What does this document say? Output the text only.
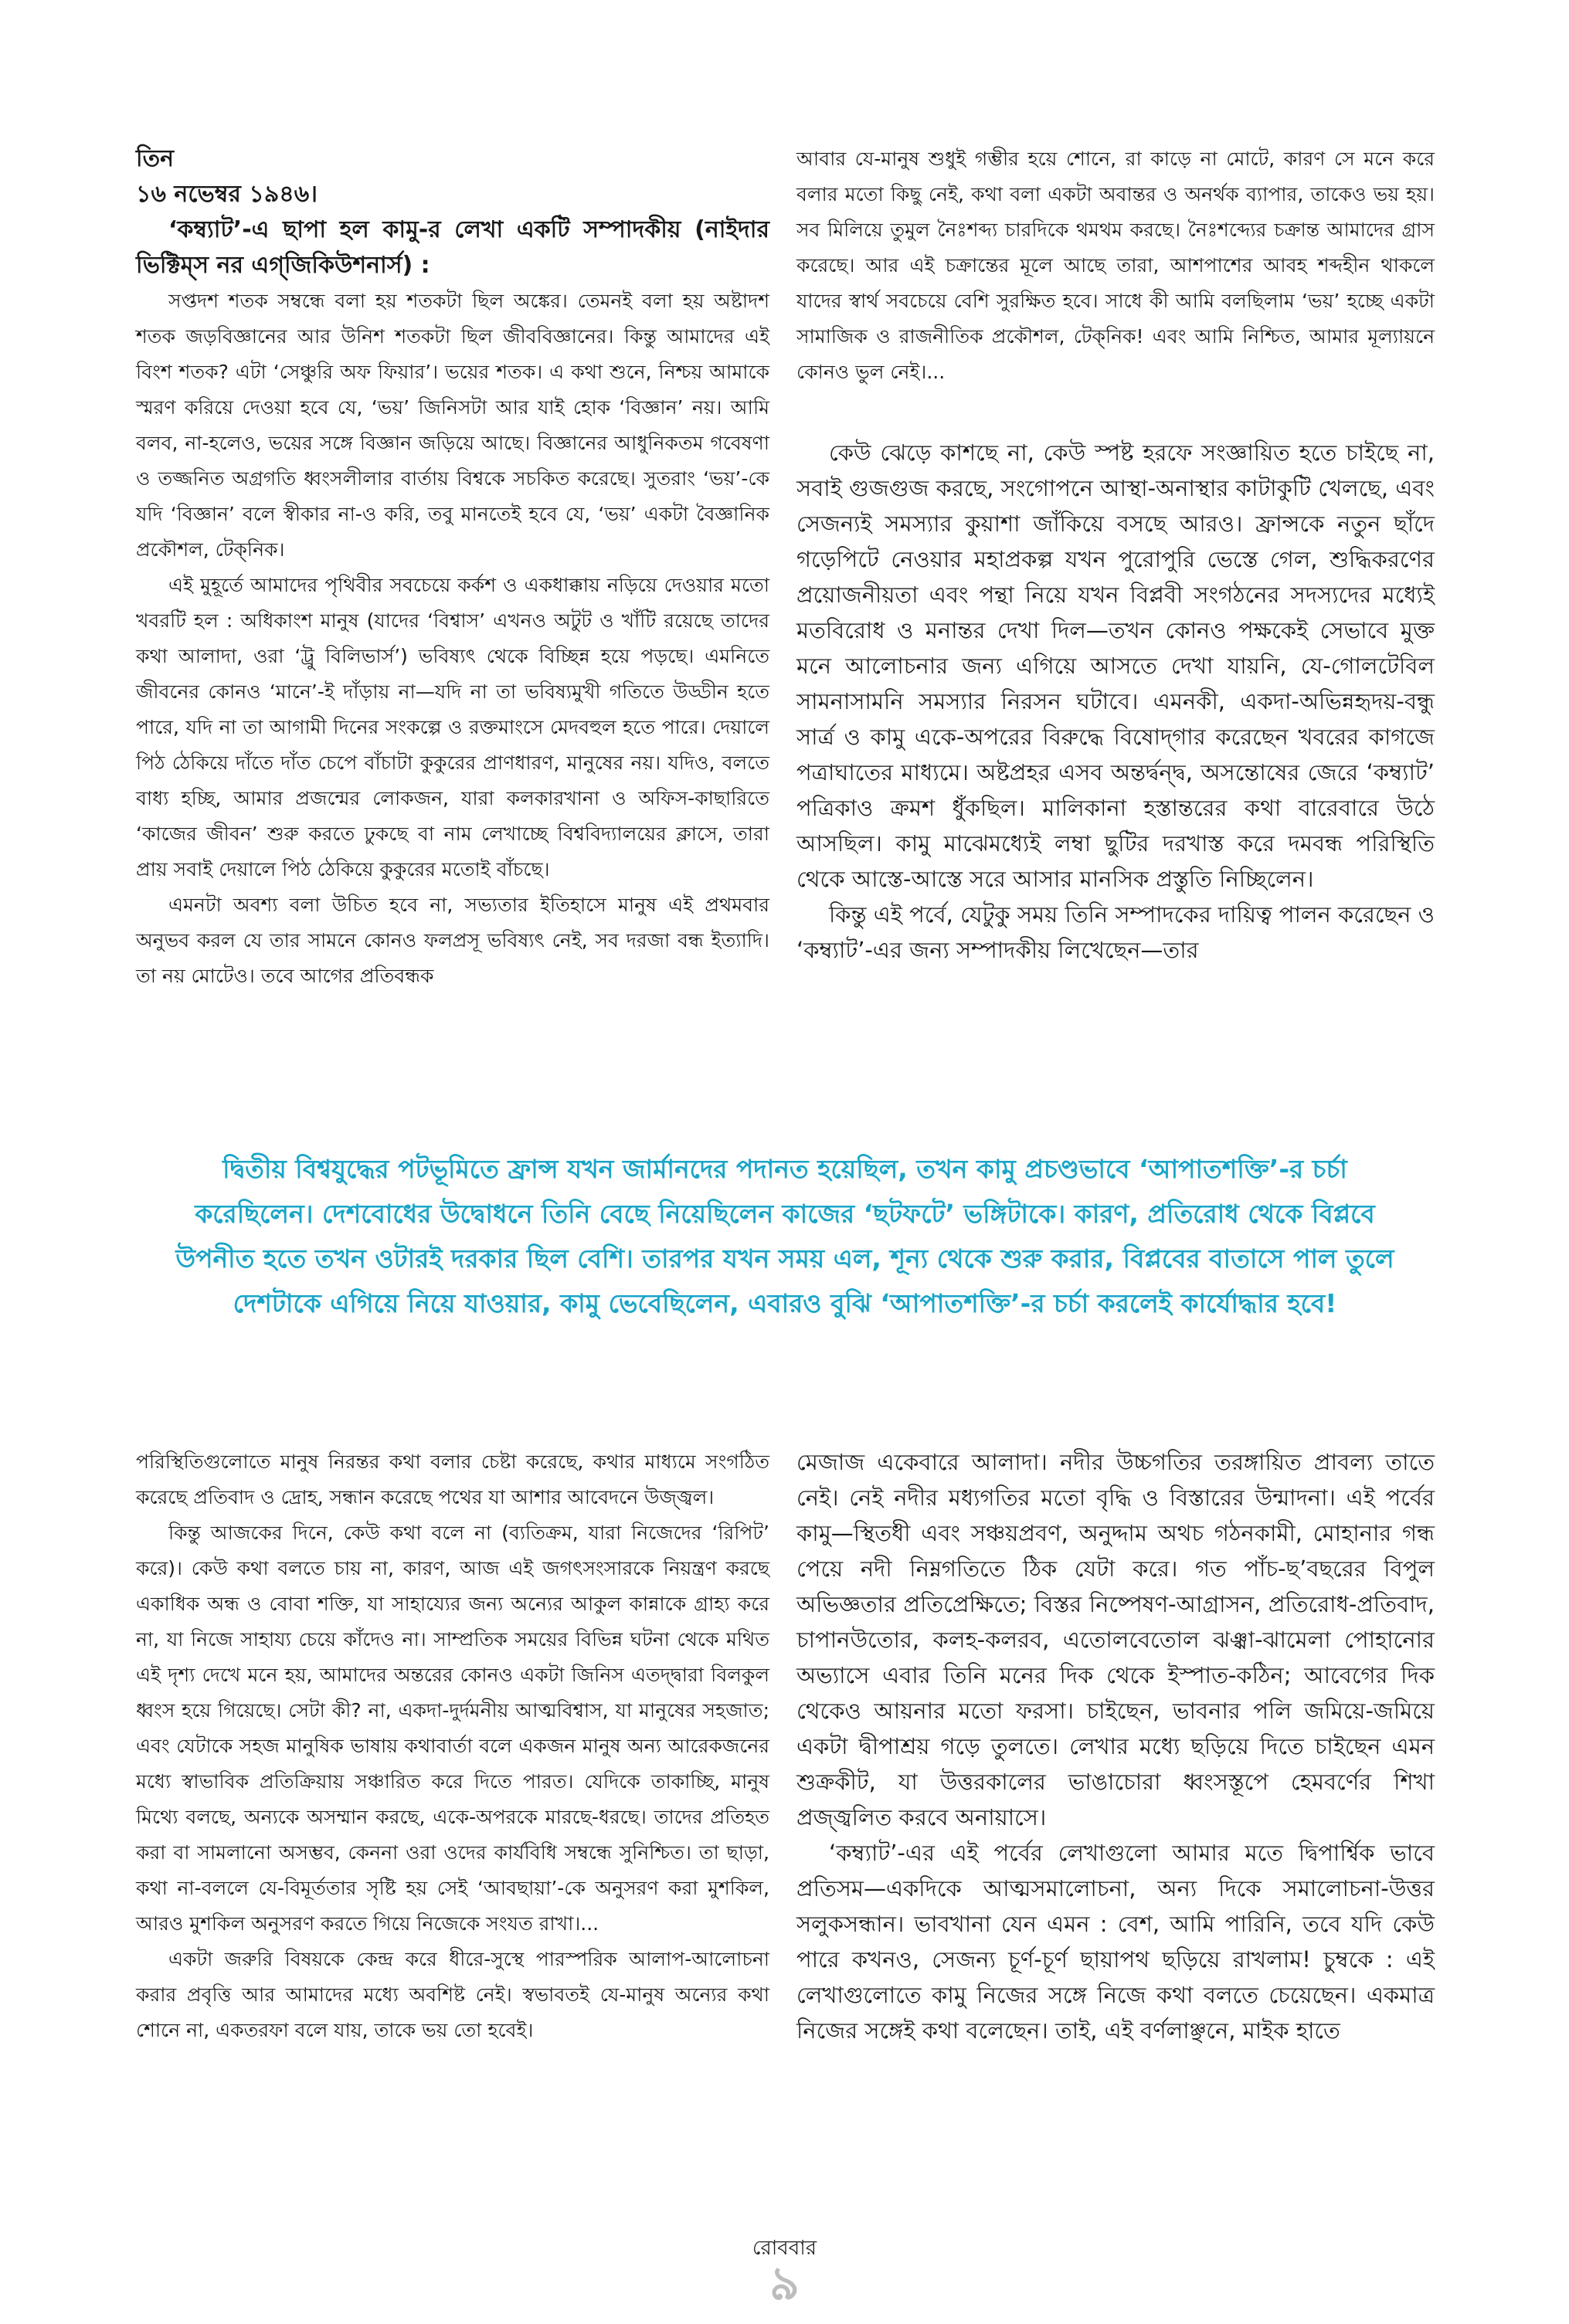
তিন

১৬ নভেম্বর ১৯৪৬।

‘কম্ব্যাট’-এ ছাপা হল কামু-র লেখা একটি সম্পাদকীয় (নাইদার ভিক্টিম্স নর এগ্‌জিকিউশনার্স) :

সপ্তদশ শতক সম্বন্ধে বলা হয় শতকটা ছিল অঙ্কের। তেমনই বলা হয় অষ্টাদশ শতক জড়বিজ্ঞানের আর উনিশ শতকটা ছিল জীববিজ্ঞানের। কিন্তু আমাদের এই বিংশ শতক? এটা ‘সেঞ্চুরি অফ ফিয়ার’। ভয়ের শতক। এ কথা শুনে, নিশ্চয় আমাকে স্মরণ করিয়ে দেওয়া হবে যে, ‘ভয়’ জিনিসটা আর যাই হোক ‘বিজ্ঞান’ নয়। আমি বলব, না-হলেও, ভয়ের সঙ্গে বিজ্ঞান জড়িয়ে আছে। বিজ্ঞানের আধুনিকতম গবেষণা ও তজ্জনিত অগ্রগতি ধ্বংসলীলার বার্তায় বিশ্বকে সচকিত করেছে। সুতরাং ‘ভয়’-কে যদি ‘বিজ্ঞান’ বলে স্বীকার না-ও করি, তবু মানতেই হবে যে, ‘ভয়’ একটা বৈজ্ঞানিক প্রকৌশল, টেক্‌নিক।

এই মুহূর্তে আমাদের পৃথিবীর সবচেয়ে কর্কশ ও একধাক্কায় নড়িয়ে দেওয়ার মতো খবরটি হল : অধিকাংশ মানুষ (যাদের ‘বিশ্বাস’ এখনও অটুট ও খাঁটি রয়েছে তাদের কথা আলাদা, ওরা ‘ট্রু বিলিভার্স’) ভবিষ্যৎ থেকে বিচ্ছিন্ন হয়ে পড়ছে। এমনিতে জীবনের কোনও ‘মানে’-ই দাঁড়ায় না—যদি না তা ভবিষ্যমুখী গতিতে উড্ডীন হতে পারে, যদি না তা আগামী দিনের সংকল্পে ও রক্তমাংসে মেদবহুল হতে পারে। দেয়ালে পিঠ ঠেকিয়ে দাঁতে দাঁত চেপে বাঁচাটা কুকুরের প্রাণধারণ, মানুষের নয়। যদিও, বলতে বাধ্য হচ্ছি, আমার প্রজন্মের লোকজন, যারা কলকারখানা ও অফিস-কাছারিতে ‘কাজের জীবন’ শুরু করতে ঢুকছে বা নাম লেখাচ্ছে বিশ্ববিদ্যালয়ের ক্লাসে, তারা প্রায় সবাই দেয়ালে পিঠ ঠেকিয়ে কুকুরের মতোই বাঁচছে।

এমনটা অবশ্য বলা উচিত হবে না, সভ্যতার ইতিহাসে মানুষ এই প্রথমবার অনুভব করল যে তার সামনে কোনও ফলপ্রসূ ভবিষ্যৎ নেই, সব দরজা বন্ধ ইত্যাদি। তা নয় মোটেও। তবে আগের প্রতিবন্ধক

আবার যে-মানুষ শুধুই গম্ভীর হয়ে শোনে, রা কাড়ে না মোটে, কারণ সে মনে করে বলার মতো কিছু নেই, কথা বলা একটা অবান্তর ও অনর্থক ব্যাপার, তাকেও ভয় হয়। সব মিলিয়ে তুমুল নৈঃশব্দ্য চারদিকে থমথম করছে। নৈঃশব্দ্যের চক্রান্ত আমাদের গ্রাস করেছে। আর এই চক্রান্তের মূলে আছে তারা, আশপাশের আবহ শব্দহীন থাকলে যাদের স্বার্থ সবচেয়ে বেশি সুরক্ষিত হবে। সাধে কী আমি বলছিলাম ‘ভয়’ হচ্ছে একটা সামাজিক ও রাজনীতিক প্রকৌশল, টেক্‌নিক! এবং আমি নিশ্চিত, আমার মূল্যায়নে কোনও ভুল নেই।...

কেউ ঝেড়ে কাশছে না, কেউ স্পষ্ট হরফে সংজ্ঞায়িত হতে চাইছে না, সবাই গুজগুজ করছে, সংগোপনে আস্থা-অনাস্থার কাটাকুটি খেলছে, এবং সেজন্যই সমস্যার কুয়াশা জাঁকিয়ে বসছে আরও। ফ্রান্সকে নতুন ছাঁদে গড়েপিটে নেওয়ার মহাপ্রকল্প যখন পুরোপুরি ভেস্তে গেল, শুদ্ধিকরণের প্রয়োজনীয়তা এবং পন্থা নিয়ে যখন বিপ্লবী সংগঠনের সদস্যদের মধ্যেই মতবিরোধ ও মনান্তর দেখা দিল—তখন কোনও পক্ষকেই সেভাবে মুক্ত মনে আলোচনার জন্য এগিয়ে আসতে দেখা যায়নি, যে-গোলটেবিল সামনাসামনি সমস্যার নিরসন ঘটাবে। এমনকী, একদা-অভিন্নহৃদয়-বন্ধু সার্ত্র ও কামু একে-অপরের বিরুদ্ধে বিষোদ্‌গার করেছেন খবরের কাগজে পত্রাঘাতের মাধ্যমে। অষ্টপ্রহর এসব অন্তর্দ্বন্দ্ব, অসন্তোষের জেরে ‘কম্ব্যাট’ পত্রিকাও ক্রমশ ধুঁকছিল। মালিকানা হস্তান্তরের কথা বারেবারে উঠে আসছিল। কামু মাঝেমধ্যেই লম্বা ছুটির দরখাস্ত করে দমবন্ধ পরিস্থিতি থেকে আস্তে-আস্তে সরে আসার মানসিক প্রস্তুতি নিচ্ছিলেন।

কিন্তু এই পর্বে, যেটুকু সময় তিনি সম্পাদকের দায়িত্ব পালন করেছেন ও ‘কম্ব্যাট’-এর জন্য সম্পাদকীয় লিখেছেন—তার

দ্বিতীয় বিশ্বযুদ্ধের পটভূমিতে ফ্রান্স যখন জার্মানদের পদানত হয়েছিল, তখন কামু প্রচণ্ডভাবে ‘আপাতশক্তি’-র চর্চা করেছিলেন। দেশবোধের উদ্বোধনে তিনি বেছে নিয়েছিলেন কাজের ‘ছটফটে’ ভঙ্গিটাকে। কারণ, প্রতিরোধ থেকে বিপ্লবে উপনীত হতে তখন ওটারই দরকার ছিল বেশি। তারপর যখন সময় এল, শূন্য থেকে শুরু করার, বিপ্লবের বাতাসে পাল তুলে দেশটাকে এগিয়ে নিয়ে যাওয়ার, কামু ভেবেছিলেন, এবারও বুঝি ‘আপাতশক্তি’-র চর্চা করলেই কার্যোদ্ধার হবে!

পরিস্থিতিগুলোতে মানুষ নিরন্তর কথা বলার চেষ্টা করেছে, কথার মাধ্যমে সংগঠিত করেছে প্রতিবাদ ও দ্রোহ, সন্ধান করেছে পথের যা আশার আবেদনে উজ্জ্বল।

কিন্তু আজকের দিনে, কেউ কথা বলে না (ব্যতিক্রম, যারা নিজেদের ‘রিপিট’ করে)। কেউ কথা বলতে চায় না, কারণ, আজ এই জগৎসংসারকে নিয়ন্ত্রণ করছে একাধিক অন্ধ ও বোবা শক্তি, যা সাহায্যের জন্য অন্যের আকুল কান্নাকে গ্রাহ্য করে না, যা নিজে সাহায্য চেয়ে কাঁদেও না। সাম্প্রতিক সময়ের বিভিন্ন ঘটনা থেকে মথিত এই দৃশ্য দেখে মনে হয়, আমাদের অন্তরের কোনও একটা জিনিস এতদ্দ্বারা বিলকুল ধ্বংস হয়ে গিয়েছে। সেটা কী? না, একদা-দুর্দমনীয় আত্মবিশ্বাস, যা মানুষের সহজাত; এবং যেটাকে সহজ মানুষিক ভাষায় কথাবার্তা বলে একজন মানুষ অন্য আরেকজনের মধ্যে স্বাভাবিক প্রতিক্রিয়ায় সঞ্চারিত করে দিতে পারত। যেদিকে তাকাচ্ছি, মানুষ মিথ্যে বলছে, অন্যকে অসম্মান করছে, একে-অপরকে মারছে-ধরছে। তাদের প্রতিহত করা বা সামলানো অসম্ভব, কেননা ওরা ওদের কার্যবিধি সম্বন্ধে সুনিশ্চিত। তা ছাড়া, কথা না-বললে যে-বিমূর্ততার সৃষ্টি হয় সেই ‘আবছায়া’-কে অনুসরণ করা মুশকিল, আরও মুশকিল অনুসরণ করতে গিয়ে নিজেকে সংযত রাখা।...

একটা জরুরি বিষয়কে কেন্দ্র করে ধীরে-সুস্থে পারস্পরিক আলাপ-আলোচনা করার প্রবৃত্তি আর আমাদের মধ্যে অবশিষ্ট নেই। স্বভাবতই যে-মানুষ অন্যের কথা শোনে না, একতরফা বলে যায়, তাকে ভয় তো হবেই।

মেজাজ একেবারে আলাদা। নদীর উচ্চগতির তরঙ্গায়িত প্রাবল্য তাতে নেই। নেই নদীর মধ্যগতির মতো বৃদ্ধি ও বিস্তারের উন্মাদনা। এই পর্বের কামু—স্থিতধী এবং সঞ্চয়প্রবণ, অনুদ্দাম অথচ গঠনকামী, মোহানার গন্ধ পেয়ে নদী নিম্নগতিতে ঠিক যেটা করে। গত পাঁচ-ছ’বছরের বিপুল অভিজ্ঞতার প্রতিপ্রেক্ষিতে; বিস্তর নিষ্পেষণ-আগ্রাসন, প্রতিরোধ-প্রতিবাদ, চাপানউতোর, কলহ-কলরব, এতোলবেতোল ঝঞ্ঝা-ঝামেলা পোহানোর অভ্যাসে এবার তিনি মনের দিক থেকে ইস্পাত-কঠিন; আবেগের দিক থেকেও আয়নার মতো ফরসা। চাইছেন, ভাবনার পলি জমিয়ে-জমিয়ে একটা দ্বীপাশ্রয় গড়ে তুলতে। লেখার মধ্যে ছড়িয়ে দিতে চাইছেন এমন শুক্রকীট, যা উত্তরকালের ভাঙাচোরা ধ্বংসস্তূপে হেমবর্ণের শিখা প্রজ্জ্বলিত করবে অনায়াসে।

‘কম্ব্যাট’-এর এই পর্বের লেখাগুলো আমার মতে দ্বিপার্শ্বিক ভাবে প্রতিসম—একদিকে আত্মসমালোচনা, অন্য দিকে সমালোচনা-উত্তর সলুকসন্ধান। ভাবখানা যেন এমন : বেশ, আমি পারিনি, তবে যদি কেউ পারে কখনও, সেজন্য চূর্ণ-চূর্ণ ছায়াপথ ছড়িয়ে রাখলাম! চুম্বকে : এই লেখাগুলোতে কামু নিজের সঙ্গে নিজে কথা বলতে চেয়েছেন। একমাত্র নিজের সঙ্গেই কথা বলেছেন। তাই, এই বর্ণলাঞ্ছনে, মাইক হাতে

রোববার
৯
